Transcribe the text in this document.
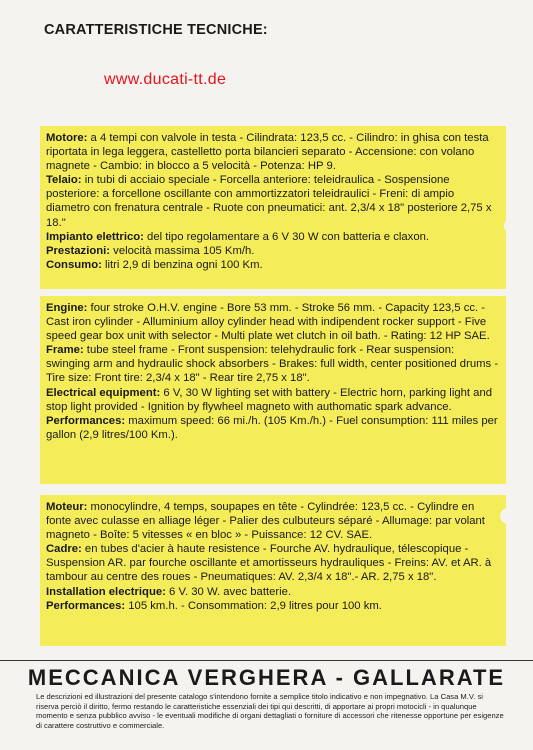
CARATTERISTICHE TECNICHE:
www.ducati-tt.de

Motore: a 4 tempi con valvole in testa - Cilindrata: 123,5 cc. - Cilindro: in ghisa con testa riportata in lega leggera, castelletto porta bilancieri separato - Accensione: con volano magnete - Cambio: in blocco a 5 velocità - Potenza: HP 9.

Telaio: in tubi di acciaio speciale - Forcella anteriore: teleidraulica - Sospensione posteriore: a forcellone oscillante con ammortizzatori teleidraulici - Freni: di ampio diametro con frenatura centrale - Ruote con pneumatici: ant. 2,3/4 x 18" posteriore 2,75 x 18."

Impianto elettrico: del tipo regolamentare a 6 V 30 W con batteria e claxon.

Prestazioni: velocità massima 105 Km/h.

Consumo: litri 2,9 di benzina ogni 100 Km.

Engine: four stroke O.H.V. engine - Bore 53 mm. - Stroke 56 mm. - Capacity 123,5 cc. - Cast iron cylinder - Alluminium alloy cylinder head with indipendent rocker support - Five speed gear box unit with selector - Multi plate wet clutch in oil bath. - Rating: 12 HP SAE.

Frame: tube steel frame - Front suspension: telehydraulic fork - Rear suspension: swinging arm and hydraulic shock absorbers - Brakes: full width, center positioned drums - Tire size: Front tire: 2,3/4 x 18" - Rear tire 2,75 x 18".

Electrical equipment: 6 V, 30 W lighting set with battery - Electric horn, parking light and stop light provided - Ignition by flywheel magneto with authomatic spark advance.

Performances: maximum speed: 66 mi./h. (105 Km./h.) - Fuel consumption: 111 miles per gallon (2,9 litres/100 Km.).

Moteur: monocylindre, 4 temps, soupapes en tête - Cylindrée: 123,5 cc. - Cylindre en fonte avec culasse en alliage léger - Palier des culbuteurs séparé - Allumage: par volant magneto - Boîte: 5 vitesses « en bloc » - Puissance: 12 CV. SAE.

Cadre: en tubes d'acier à haute resistence - Fourche AV. hydraulique, télescopique - Suspension AR. par fourche oscillante et amortisseurs hydrauliques - Freins: AV. et AR. à tambour au centre des roues - Pneumatiques: AV. 2,3/4 x 18".- AR. 2,75 x 18".

Installation electrique: 6 V. 30 W. avec batterie.

Performances: 105 km.h. - Consommation: 2,9 litres pour 100 km.

MECCANICA VERGHERA - GALLARATE
Le descrizioni ed illustrazioni del presente catalogo s'intendono fornite a semplice titolo indicativo e non impegnativo. La Casa M.V. si riserva perciò il diritto, fermo restando le caratteristiche essenziali dei tipi qui descritti, di apportare ai propri motocicli - in qualunque momento e senza pubblico avviso - le eventuali modifiche di organi dettagliati o forniture di accessori che ritenesse opportune per esigenze di carattere costruttivo e commerciale.
